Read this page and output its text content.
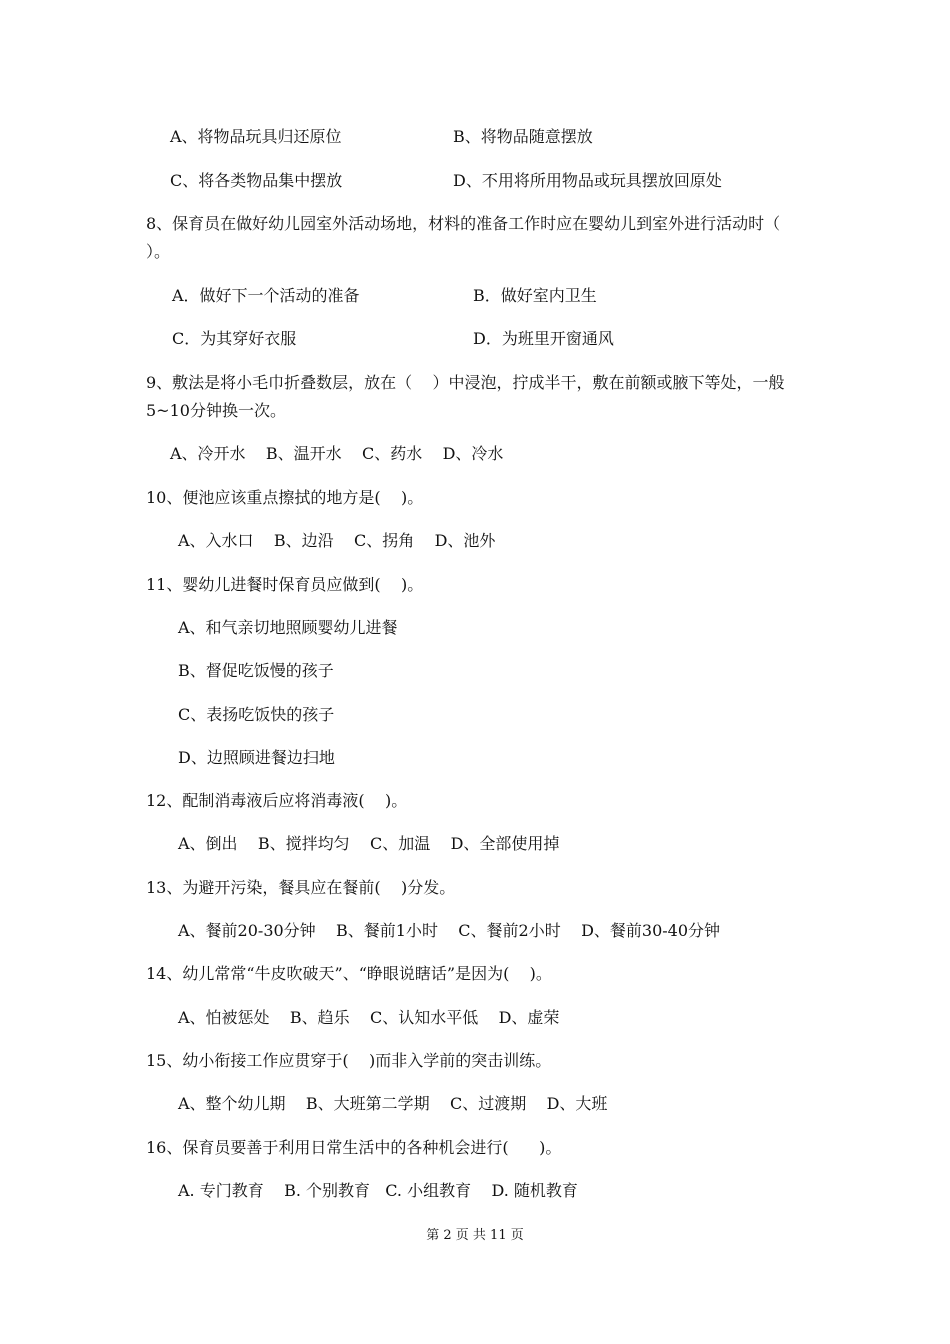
A、将物品玩具归还原位	B、将物品随意摆放
C、将各类物品集中摆放	D、不用将所用物品或玩具摆放回原处
8、保育员在做好幼儿园室外活动场地，材料的准备工作时应在婴幼儿到室外进行活动时（
）。
A．做好下一个活动的准备	B．做好室内卫生
C．为其穿好衣服	D．为班里开窗通风
9、敷法是将小毛巾折叠数层，放在（    ）中浸泡，拧成半干，敷在前额或腋下等处，一般
5~10分钟换一次。
A、冷开水    B、温开水    C、药水    D、冷水
10、便池应该重点擦拭的地方是(    )。
A、入水口    B、边沿    C、拐角    D、池外
11、婴幼儿进餐时保育员应做到(    )。
A、和气亲切地照顾婴幼儿进餐
B、督促吃饭慢的孩子
C、表扬吃饭快的孩子
D、边照顾进餐边扫地
12、配制消毒液后应将消毒液(    )。
A、倒出    B、搅拌均匀    C、加温    D、全部使用掉
13、为避开污染，餐具应在餐前(    )分发。
A、餐前20-30分钟    B、餐前1小时    C、餐前2小时    D、餐前30-40分钟
14、幼儿常常“牛皮吹破天”、“睁眼说瞎话”是因为(    )。
A、怕被惩处    B、趋乐    C、认知水平低    D、虚荣
15、幼小衔接工作应贯穿于(    )而非入学前的突击训练。
A、整个幼儿期    B、大班第二学期    C、过渡期    D、大班
16、保育员要善于利用日常生活中的各种机会进行(      )。
A. 专门教育    B. 个别教育   C. 小组教育    D. 随机教育
第 2 页 共 11 页
